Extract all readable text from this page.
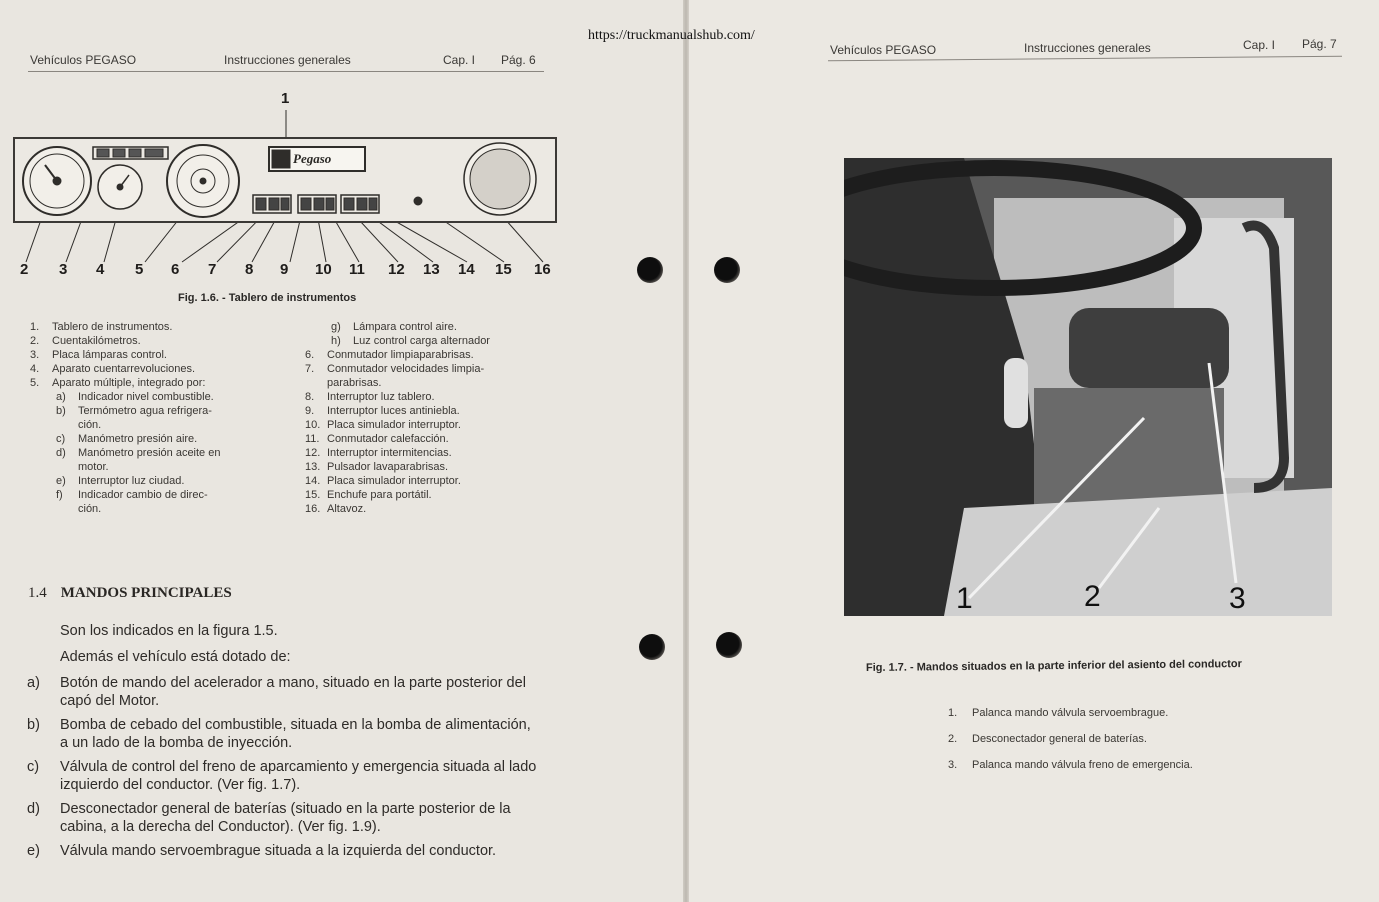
https://truckmanualshub.com/
Vehículos PEGASO	Instrucciones generales	Cap. I Pág. 6
1
Pegaso
2 3 4 5 6 7 8 9 10 11 12 13 14 15 16
Fig. 1.6. - Tablero de instrumentos
1. Tablero de instrumentos.
2. Cuentakilómetros.
3. Placa lámparas control.
4. Aparato cuentarrevoluciones.
5. Aparato múltiple, integrado por:
a) Indicador nivel combustible.
b) Termómetro agua refrigera-
ción.
c) Manómetro presión aire.
d) Manómetro presión aceite en
motor.
e) Interruptor luz ciudad.
f) Indicador cambio de direc-
ción.
g) Lámpara control aire.
h) Luz control carga alternador
6. Conmutador limpiaparabrisas.
7. Conmutador velocidades limpia-
parabrisas.
8. Interruptor luz tablero.
9. Interruptor luces antiniebla.
10. Placa simulador interruptor.
11. Conmutador calefacción.
12. Interruptor intermitencias.
13. Pulsador lavaparabrisas.
14. Placa simulador interruptor.
15. Enchufe para portátil.
16. Altavoz.
1.4 MANDOS PRINCIPALES
Son los indicados en la figura 1.5.
Además el vehículo está dotado de:
a) Botón de mando del acelerador a mano, situado en la parte posterior del capó del Motor.
b) Bomba de cebado del combustible, situada en la bomba de alimentación, a un lado de la bomba de inyección.
c) Válvula de control del freno de aparcamiento y emergencia situada al lado izquierdo del conductor. (Ver fig. 1.7).
d) Desconectador general de baterías (situado en la parte posterior de la cabina, a la derecha del Conductor). (Ver fig. 1.9).
e) Válvula mando servoembrague situada a la izquierda del conductor.
Vehículos PEGASO	Instrucciones generales	Cap. I Pág. 7
1	2	3
Fig. 1.7. - Mandos situados en la parte inferior del asiento del conductor
1. Palanca mando válvula servoembrague.
2. Desconectador general de baterías.
3. Palanca mando válvula freno de emergencia.
